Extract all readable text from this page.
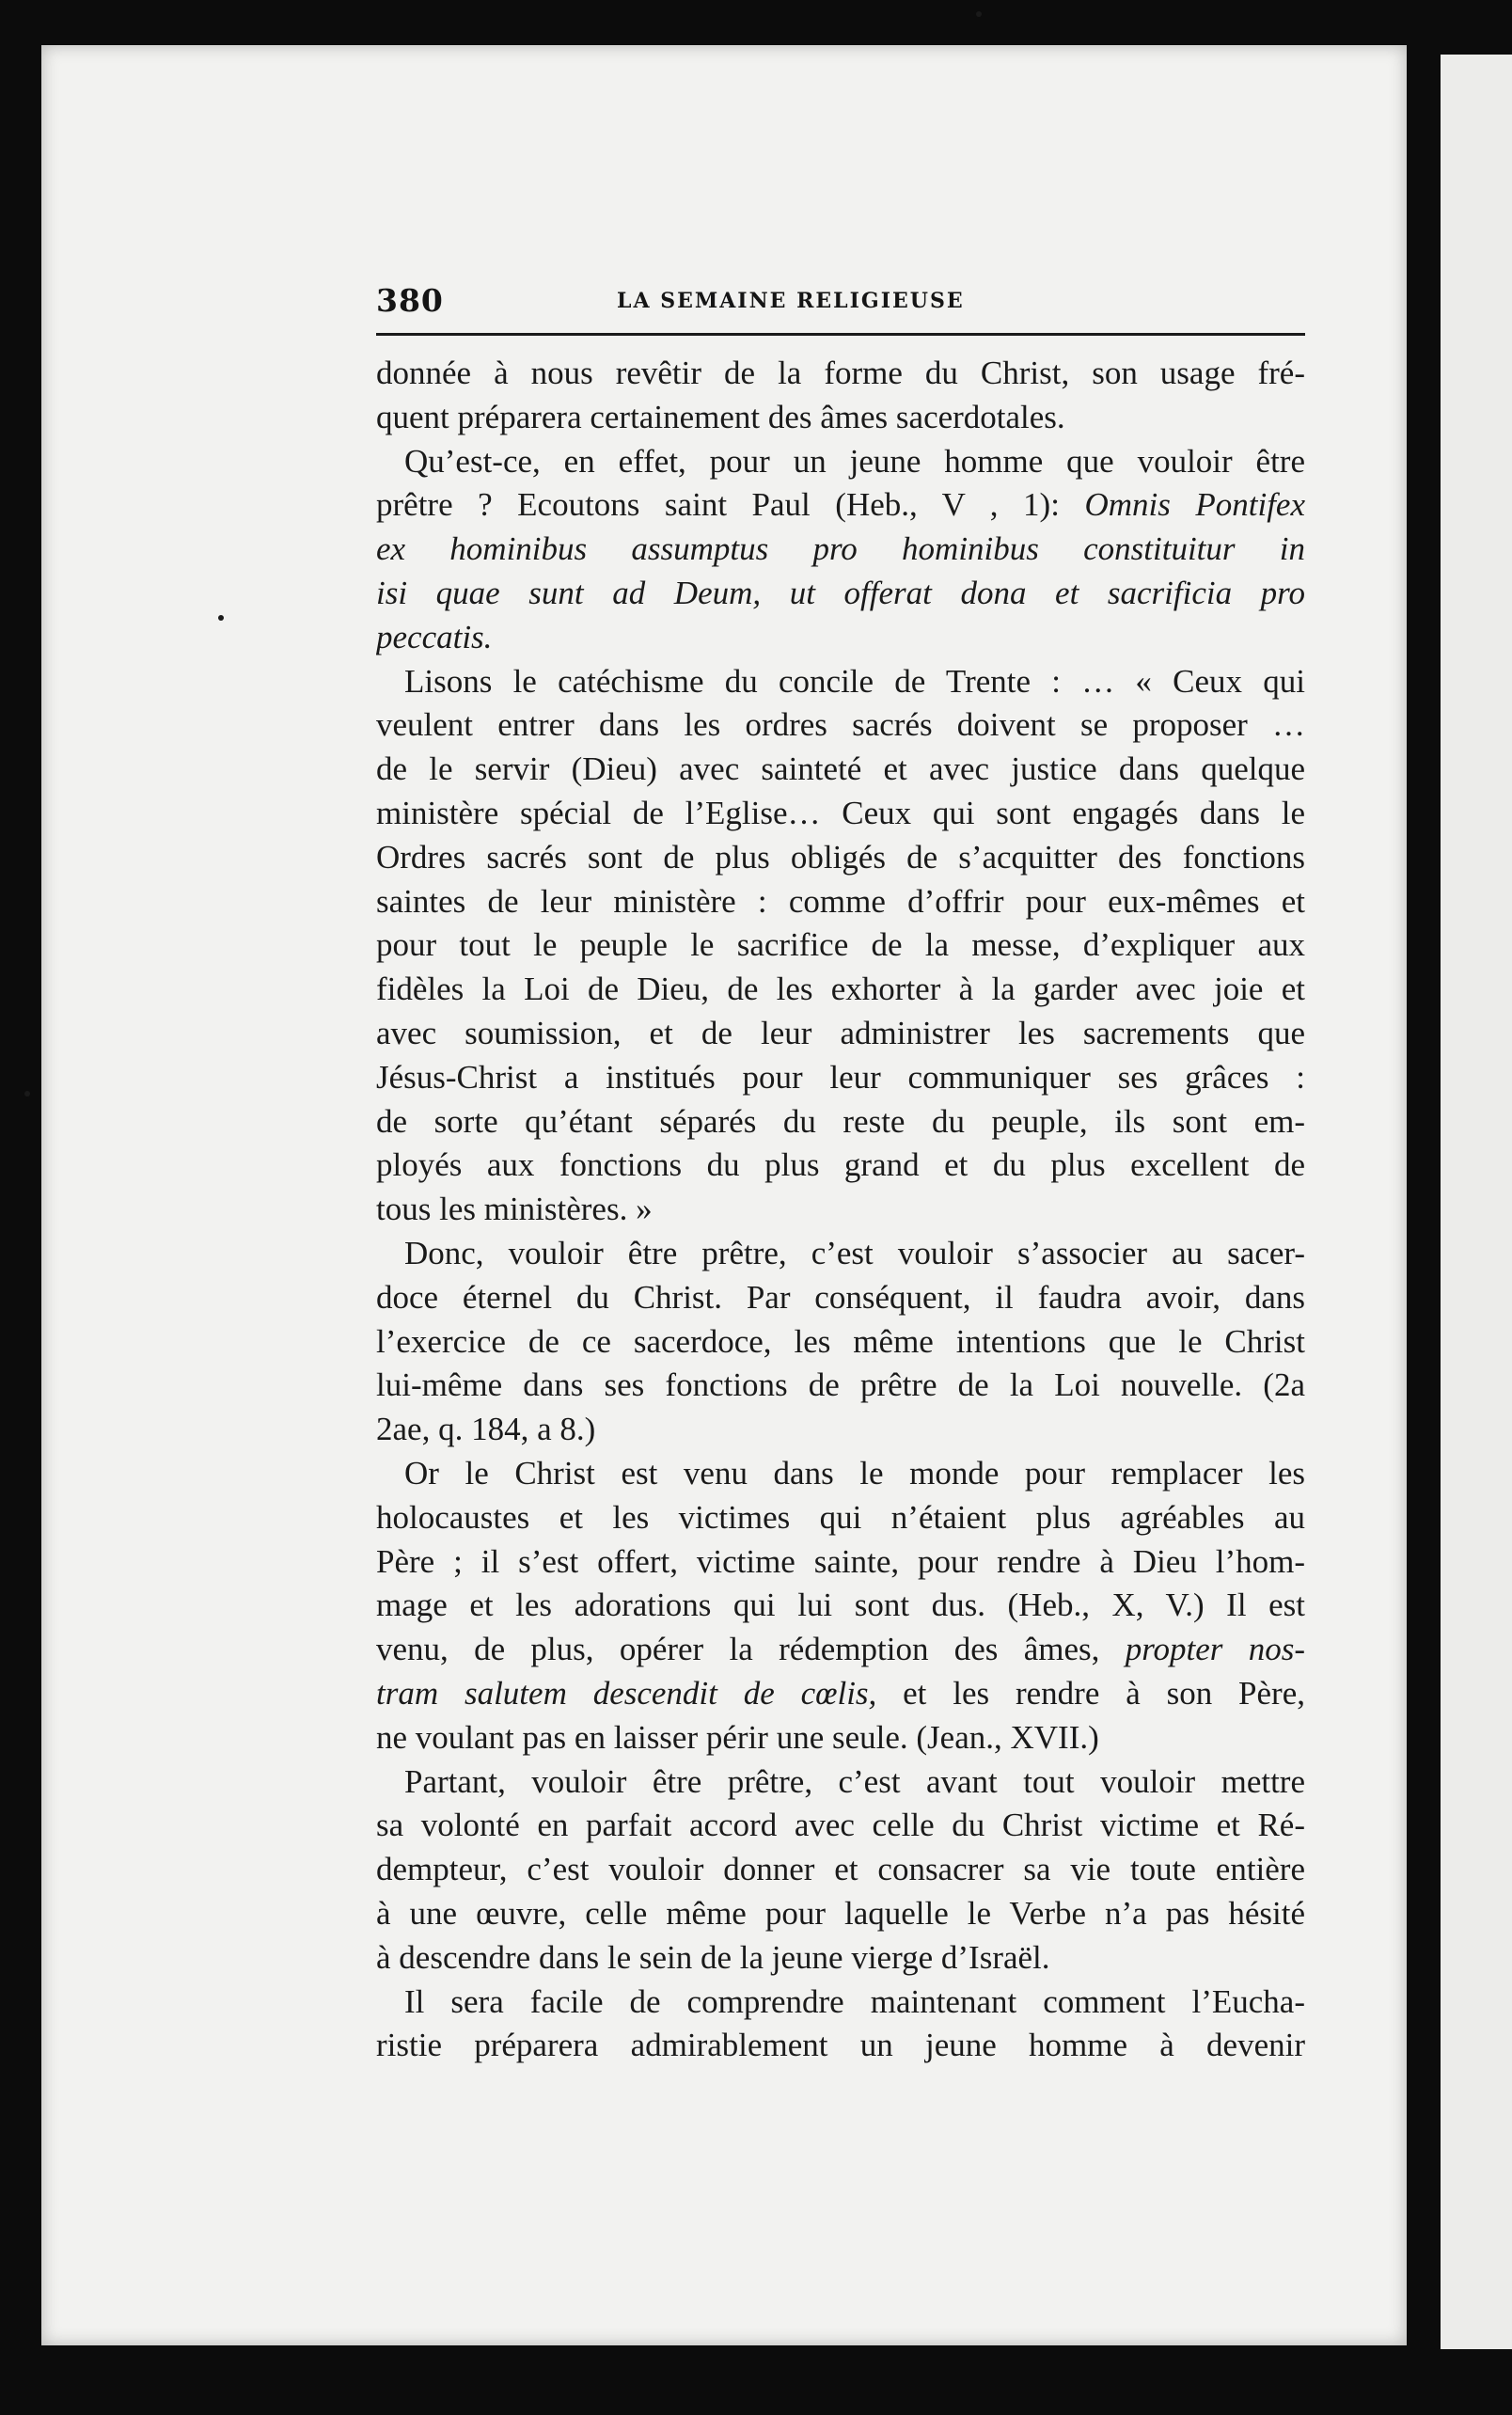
380	LA SEMAINE RELIGIEUSE
donnée à nous revêtir de la forme du Christ, son usage fré-
quent préparera certainement des âmes sacerdotales.
Qu’est-ce, en effet, pour un jeune homme que vouloir être
prêtre ? Ecoutons saint Paul (Heb., V , 1): Omnis Pontifex
ex hominibus assumptus pro hominibus constituitur in
isi quae sunt ad Deum, ut offerat dona et sacrificia pro
peccatis.
Lisons le catéchisme du concile de Trente : … « Ceux qui
veulent entrer dans les ordres sacrés doivent se proposer …
de le servir (Dieu) avec sainteté et avec justice dans quelque
ministère spécial de l’Eglise… Ceux qui sont engagés dans le
Ordres sacrés sont de plus obligés de s’acquitter des fonctions
saintes de leur ministère : comme d’offrir pour eux-mêmes et
pour tout le peuple le sacrifice de la messe, d’expliquer aux
fidèles la Loi de Dieu, de les exhorter à la garder avec joie et
avec soumission, et de leur administrer les sacrements que
Jésus-Christ a institués pour leur communiquer ses grâces :
de sorte qu’étant séparés du reste du peuple, ils sont em-
ployés aux fonctions du plus grand et du plus excellent de
tous les ministères. »
Donc, vouloir être prêtre, c’est vouloir s’associer au sacer-
doce éternel du Christ. Par conséquent, il faudra avoir, dans
l’exercice de ce sacerdoce, les même intentions que le Christ
lui-même dans ses fonctions de prêtre de la Loi nouvelle. (2a
2ae, q. 184, a 8.)
Or le Christ est venu dans le monde pour remplacer les
holocaustes et les victimes qui n’étaient plus agréables au
Père ; il s’est offert, victime sainte, pour rendre à Dieu l’hom-
mage et les adorations qui lui sont dus. (Heb., X, V.) Il est
venu, de plus, opérer la rédemption des âmes, propter nos-
tram salutem descendit de cœlis, et les rendre à son Père,
ne voulant pas en laisser périr une seule. (Jean., XVII.)
Partant, vouloir être prêtre, c’est avant tout vouloir mettre
sa volonté en parfait accord avec celle du Christ victime et Ré-
dempteur, c’est vouloir donner et consacrer sa vie toute entière
à une œuvre, celle même pour laquelle le Verbe n’a pas hésité
à descendre dans le sein de la jeune vierge d’Israël.
Il sera facile de comprendre maintenant comment l’Eucha-
ristie préparera admirablement un jeune homme à devenir
